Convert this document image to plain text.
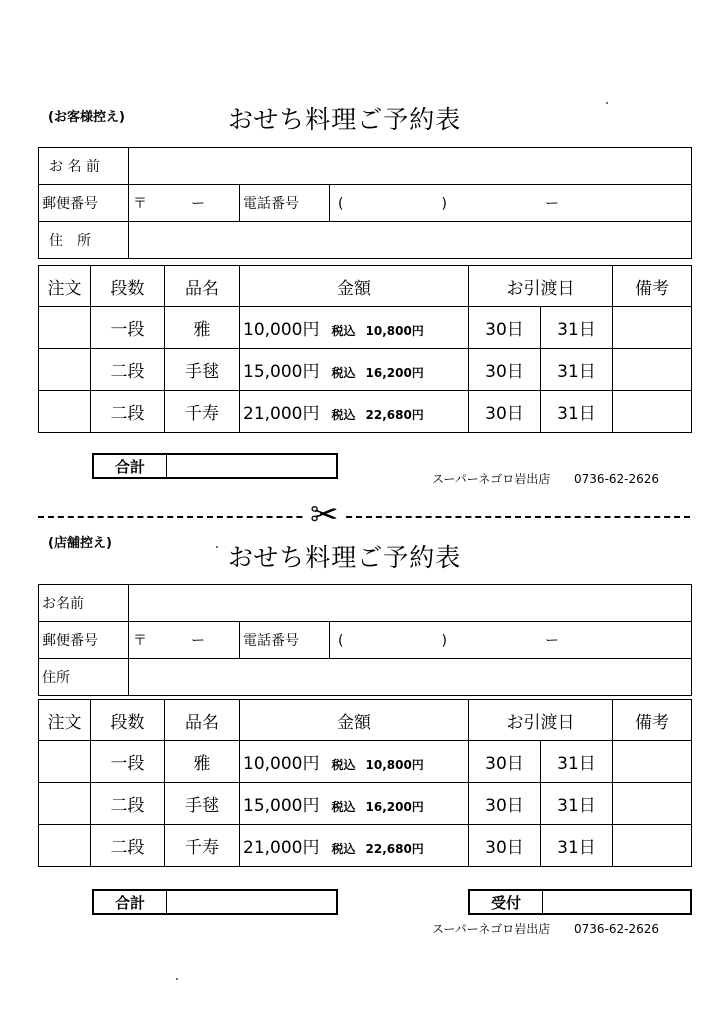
(お客様控え)	おせち料理ご予約表
お 名 前			
郵便番号	〒 ー	電話番号	( ) ー
住　所			
注文	段数	品名	金額	お引渡日		備考
	一段	雅	10,000円 税込 10,800円	30日	31日	
	二段	手毬	15,000円 税込 16,200円	30日	31日	
	二段	千寿	21,000円 税込 22,680円	30日	31日	
合計
スーパーネゴロ岩出店 0736-62-2626
✂
(店舗控え)	おせち料理ご予約表
お名前			
郵便番号	〒 ー	電話番号	( ) ー
住所			
注文	段数	品名	金額	お引渡日		備考
	一段	雅	10,000円 税込 10,800円	30日	31日	
	二段	手毬	15,000円 税込 16,200円	30日	31日	
	二段	千寿	21,000円 税込 22,680円	30日	31日	
合計	受付
スーパーネゴロ岩出店 0736-62-2626
